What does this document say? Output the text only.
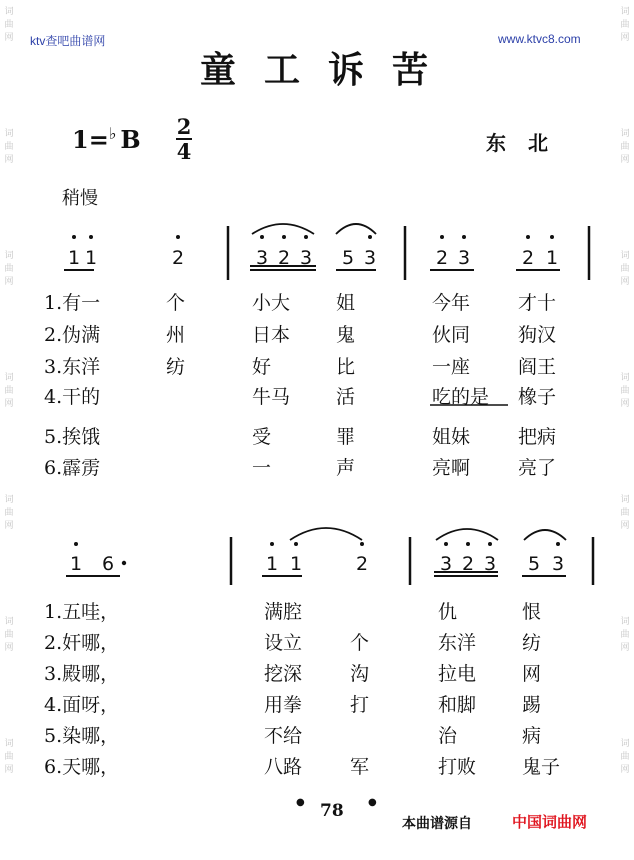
词
曲
网
词
曲
网
词
曲
网
词
曲
网
词
曲
网
词
曲
网
词
曲
网
词
曲
网
词
曲
网
词
曲
网
词
曲
网
词
曲
网
词
曲
网
词
曲
网
ktv查吧曲谱网	www.ktvc8.com
童工诉苦
1=♭ B 2
4	东北
稍慢
1 1	2	3 2 3 5 3	2 3	2 1
1 6	1 1	2	3 2 3 5 3
1.有一	个	小大 姐	今年	才十
2.伪满	州	日本 鬼	伙同	狗汉
3.东洋	纺	好	比	一座	阎王
4.干的	牛马 活	吃的是 橡子
5.挨饿	受	罪	姐妹	把病
6.霹雳	一	声	亮啊	亮了
1.五哇，	满腔	仇	恨
2.奸哪，	设立	个	东洋 纺
3.殿哪，	挖深	沟	拉电 网
4.面呀，	用拳	打	和脚 踢
5.染哪，	不给	治	病
6.天哪，	八路	军	打败 鬼子
● 78 ●
本曲谱源自	中国词曲网
